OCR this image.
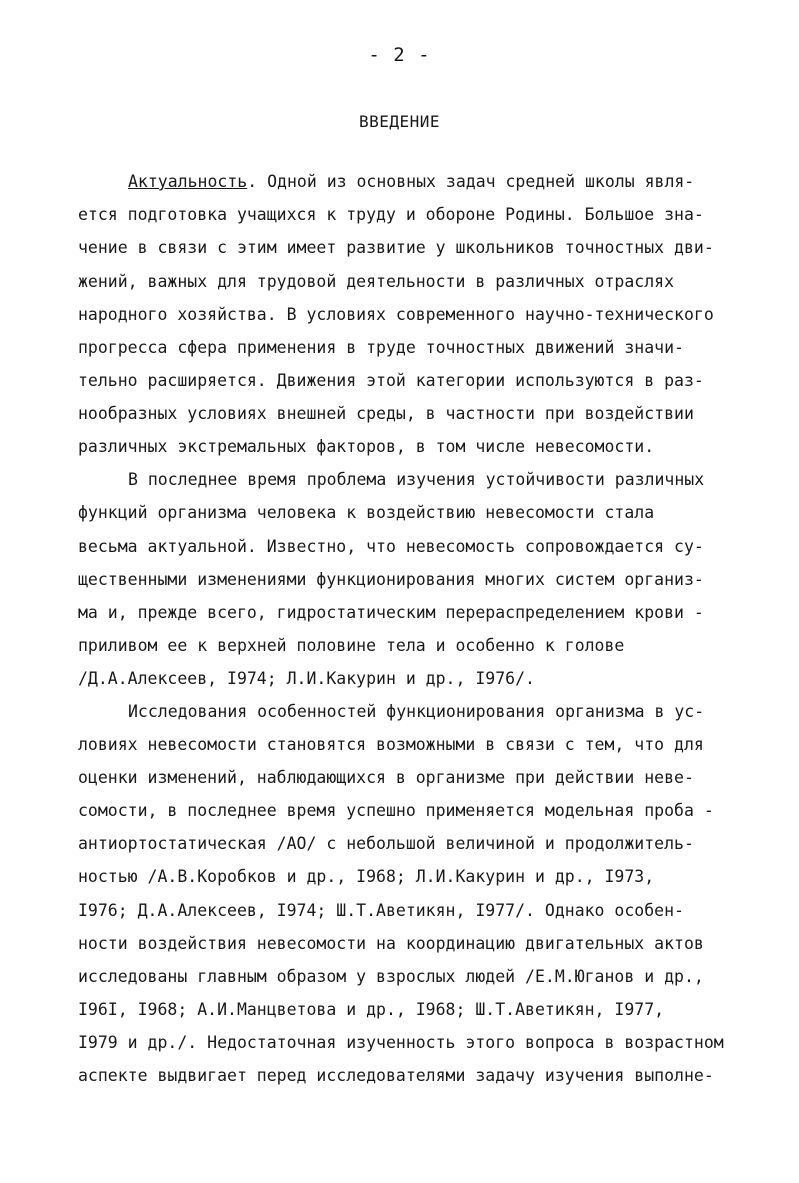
- 2 -
ВВЕДЕНИЕ
Актуальность. Одной из основных задач средней школы явля-
ется подготовка учащихся к труду и обороне Родины. Большое зна-
чение в связи с этим имеет развитие у школьников точностных дви-
жений, важных для трудовой деятельности в различных отраслях
народного хозяйства. В условиях современного научно-технического
прогресса сфера применения в труде точностных движений значи-
тельно расширяется. Движения этой категории используются в раз-
нообразных условиях внешней среды, в частности при воздействии
различных экстремальных факторов, в том числе невесомости.
В последнее время проблема изучения устойчивости различных
функций организма человека к воздействию невесомости стала
весьма актуальной. Известно, что невесомость сопровождается су-
щественными изменениями функционирования многих систем организ-
ма и, прежде всего, гидростатическим перераспределением крови -
приливом ее к верхней половине тела и особенно к голове
/Д.А.Алексеев, I974; Л.И.Какурин и др., I976/.
Исследования особенностей функционирования организма в ус-
ловиях невесомости становятся возможными в связи с тем, что для
оценки изменений, наблюдающихся в организме при действии неве-
сомости, в последнее время успешно применяется модельная проба -
антиортостатическая /АО/ с небольшой величиной и продолжитель-
ностью /А.В.Коробков и др., I968; Л.И.Какурин и др., I973,
I976; Д.А.Алексеев, I974; Ш.Т.Аветикян, I977/. Однако особен-
ности воздействия невесомости на координацию двигательных актов
исследованы главным образом у взрослых людей /Е.М.Юганов и др.,
I96I, I968; А.И.Манцветова и др., I968; Ш.Т.Аветикян, I977,
I979 и др./. Недостаточная изученность этого вопроса в возрастном
аспекте выдвигает перед исследователями задачу изучения выполне-
